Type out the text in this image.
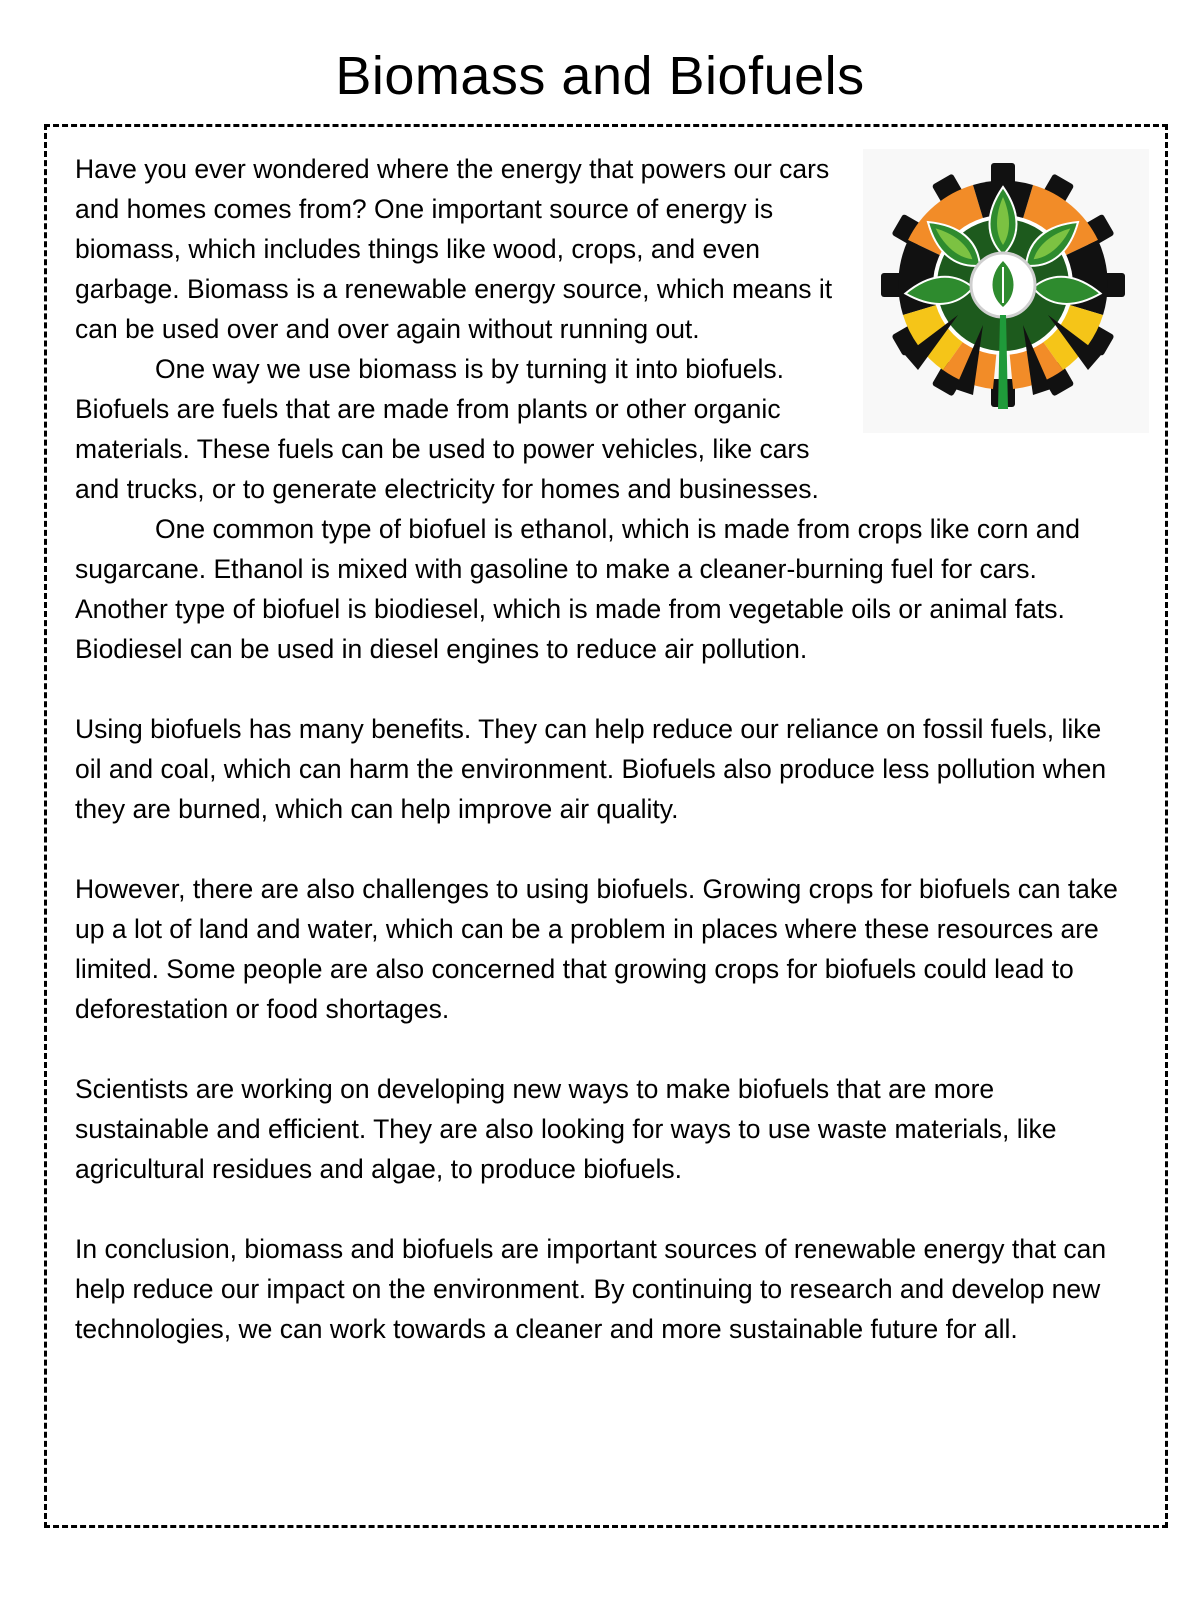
Biomass and Biofuels

Have you ever wondered where the energy that powers our cars and homes comes from? One important source of energy is biomass, which includes things like wood, crops, and even garbage. Biomass is a renewable energy source, which means it can be used over and over again without running out.

One way we use biomass is by turning it into biofuels. Biofuels are fuels that are made from plants or other organic materials. These fuels can be used to power vehicles, like cars and trucks, or to generate electricity for homes and businesses.

One common type of biofuel is ethanol, which is made from crops like corn and sugarcane. Ethanol is mixed with gasoline to make a cleaner-burning fuel for cars. Another type of biofuel is biodiesel, which is made from vegetable oils or animal fats. Biodiesel can be used in diesel engines to reduce air pollution.

Using biofuels has many benefits. They can help reduce our reliance on fossil fuels, like oil and coal, which can harm the environment. Biofuels also produce less pollution when they are burned, which can help improve air quality.

However, there are also challenges to using biofuels. Growing crops for biofuels can take up a lot of land and water, which can be a problem in places where these resources are limited. Some people are also concerned that growing crops for biofuels could lead to deforestation or food shortages.

Scientists are working on developing new ways to make biofuels that are more sustainable and efficient. They are also looking for ways to use waste materials, like agricultural residues and algae, to produce biofuels.

In conclusion, biomass and biofuels are important sources of renewable energy that can help reduce our impact on the environment. By continuing to research and develop new technologies, we can work towards a cleaner and more sustainable future for all.
